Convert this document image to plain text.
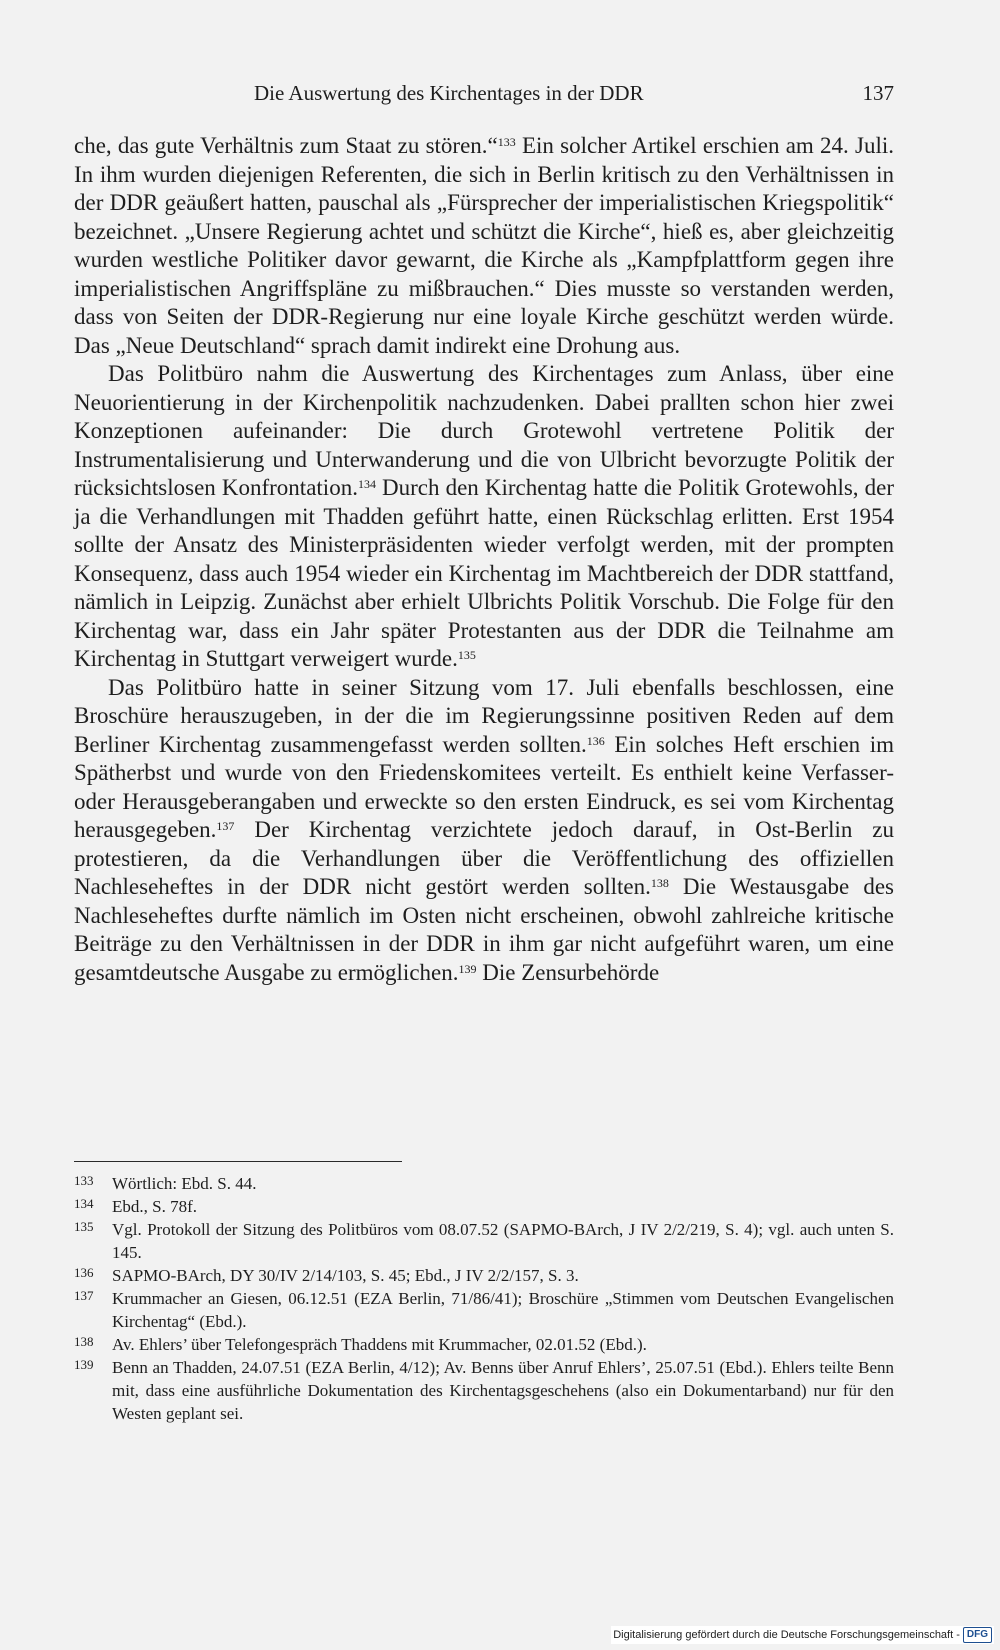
Die Auswertung des Kirchentages in der DDR	137

che, das gute Verhältnis zum Staat zu stören.“$^{133}$ Ein solcher Artikel erschien am 24. Juli. In ihm wurden diejenigen Referenten, die sich in Berlin kritisch zu den Verhältnissen in der DDR geäußert hatten, pauschal als „Fürsprecher der imperialistischen Kriegspolitik“ bezeichnet. „Unsere Regierung achtet und schützt die Kirche“, hieß es, aber gleichzeitig wurden westliche Politiker davor gewarnt, die Kirche als „Kampfplattform gegen ihre imperialistischen Angriffspläne zu mißbrauchen.“ Dies musste so verstanden werden, dass von Seiten der DDR-Regierung nur eine loyale Kirche geschützt werden würde. Das „Neue Deutschland“ sprach damit indirekt eine Drohung aus.

Das Politbüro nahm die Auswertung des Kirchentages zum Anlass, über eine Neuorientierung in der Kirchenpolitik nachzudenken. Dabei prallten schon hier zwei Konzeptionen aufeinander: Die durch Grotewohl vertretene Politik der Instrumentalisierung und Unterwanderung und die von Ulbricht bevorzugte Politik der rücksichtslosen Konfrontation.$^{134}$ Durch den Kirchentag hatte die Politik Grotewohls, der ja die Verhandlungen mit Thadden geführt hatte, einen Rückschlag erlitten. Erst 1954 sollte der Ansatz des Ministerpräsidenten wieder verfolgt werden, mit der prompten Konsequenz, dass auch 1954 wieder ein Kirchentag im Machtbereich der DDR stattfand, nämlich in Leipzig. Zunächst aber erhielt Ulbrichts Politik Vorschub. Die Folge für den Kirchentag war, dass ein Jahr später Protestanten aus der DDR die Teilnahme am Kirchentag in Stuttgart verweigert wurde.$^{135}$

Das Politbüro hatte in seiner Sitzung vom 17. Juli ebenfalls beschlossen, eine Broschüre herauszugeben, in der die im Regierungssinne positiven Reden auf dem Berliner Kirchentag zusammengefasst werden sollten.$^{136}$ Ein solches Heft erschien im Spätherbst und wurde von den Friedenskomitees verteilt. Es enthielt keine Verfasser- oder Herausgeberangaben und erweckte so den ersten Eindruck, es sei vom Kirchentag herausgegeben.$^{137}$ Der Kirchentag verzichtete jedoch darauf, in Ost-Berlin zu protestieren, da die Verhandlungen über die Veröffentlichung des offiziellen Nachleseheftes in der DDR nicht gestört werden sollten.$^{138}$ Die Westausgabe des Nachleseheftes durfte nämlich im Osten nicht erscheinen, obwohl zahlreiche kritische Beiträge zu den Verhältnissen in der DDR in ihm gar nicht aufgeführt waren, um eine gesamtdeutsche Ausgabe zu ermöglichen.$^{139}$ Die Zensurbehörde

133 Wörtlich: Ebd. S. 44.
134 Ebd., S. 78f.
135 Vgl. Protokoll der Sitzung des Politbüros vom 08.07.52 (SAPMO-BArch, J IV 2/2/219, S. 4); vgl. auch unten S. 145.
136 SAPMO-BArch, DY 30/IV 2/14/103, S. 45; Ebd., J IV 2/2/157, S. 3.
137 Krummacher an Giesen, 06.12.51 (EZA Berlin, 71/86/41); Broschüre „Stimmen vom Deutschen Evangelischen Kirchentag“ (Ebd.).
138 Av. Ehlers’ über Telefongespräch Thaddens mit Krummacher, 02.01.52 (Ebd.).
139 Benn an Thadden, 24.07.51 (EZA Berlin, 4/12); Av. Benns über Anruf Ehlers’, 25.07.51 (Ebd.). Ehlers teilte Benn mit, dass eine ausführliche Dokumentation des Kirchentagsgeschehens (also ein Dokumentarband) nur für den Westen geplant sei.
Digitalisierung gefördert durch die Deutsche Forschungsgemeinschaft - DFG
